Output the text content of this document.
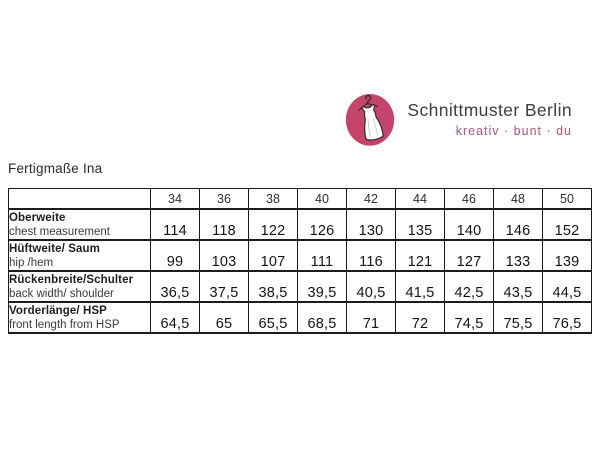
Schnittmuster Berlin
kreativ · bunt · du
Fertigmaße Ina
	34	36	38	40	42	44	46	48	50

Oberweite
chest measurement	114	118	122	126	130	135	140	146	152

Hüftweite/ Saum
hip /hem	99	103	107	111	116	121	127	133	139

Rückenbreite/Schulter
back width/ shoulder	36,5	37,5	38,5	39,5	40,5	41,5	42,5	43,5	44,5

Vorderlänge/ HSP
front length from HSP	64,5	65	65,5	68,5	71	72	74,5	75,5	76,5
